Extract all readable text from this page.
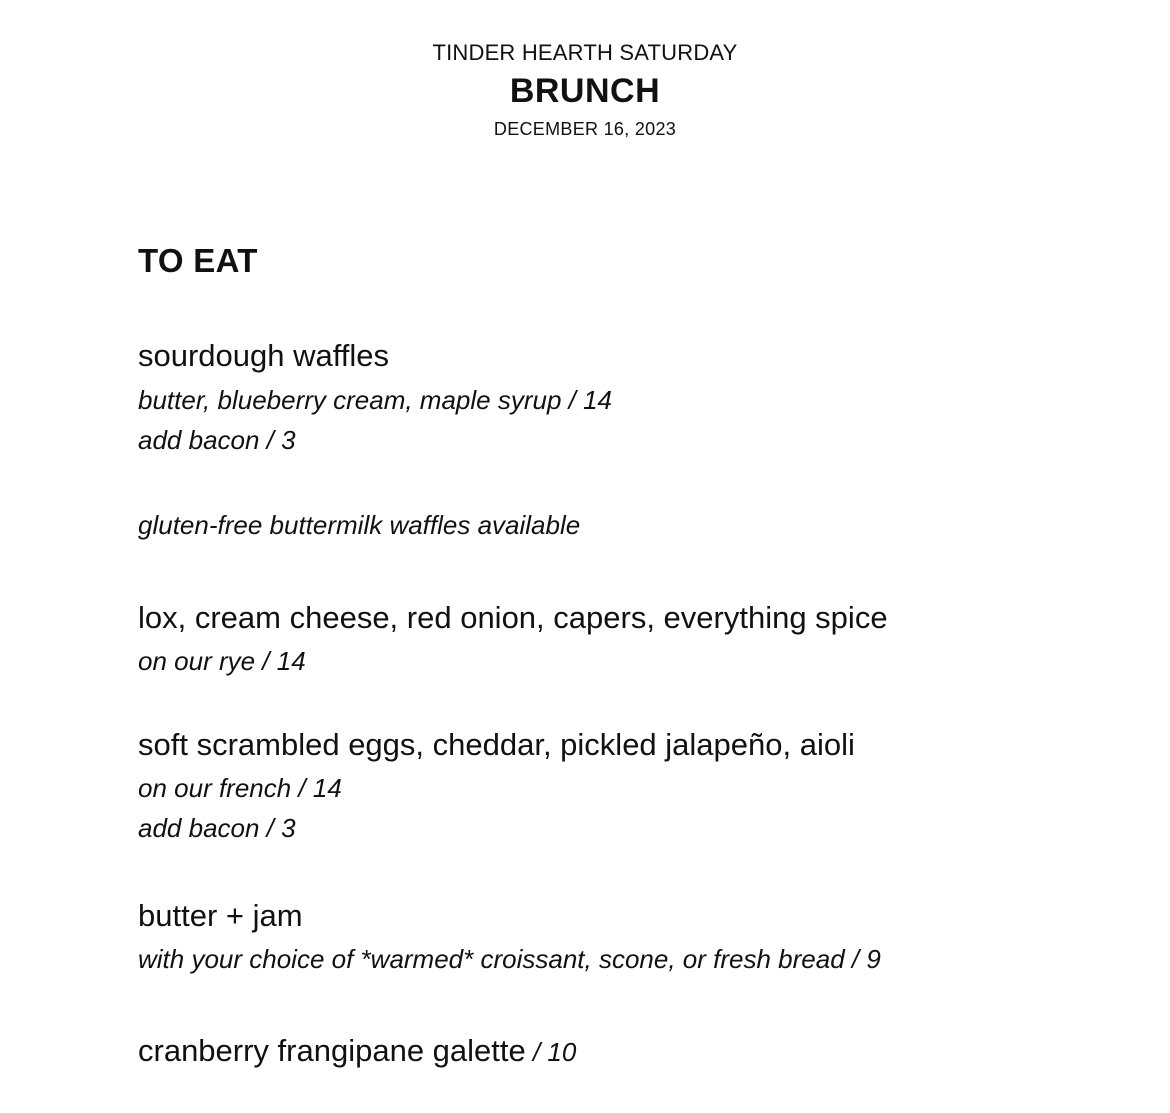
TINDER HEARTH SATURDAY
BRUNCH
DECEMBER 16, 2023
TO EAT
sourdough waffles
butter, blueberry cream, maple syrup / 14
add bacon / 3
gluten-free buttermilk waffles available
lox, cream cheese, red onion, capers, everything spice
on our rye / 14
soft scrambled eggs, cheddar, pickled jalapeño, aioli
on our french / 14
add bacon / 3
butter + jam
with your choice of *warmed* croissant, scone, or fresh bread / 9
cranberry frangipane galette / 10
